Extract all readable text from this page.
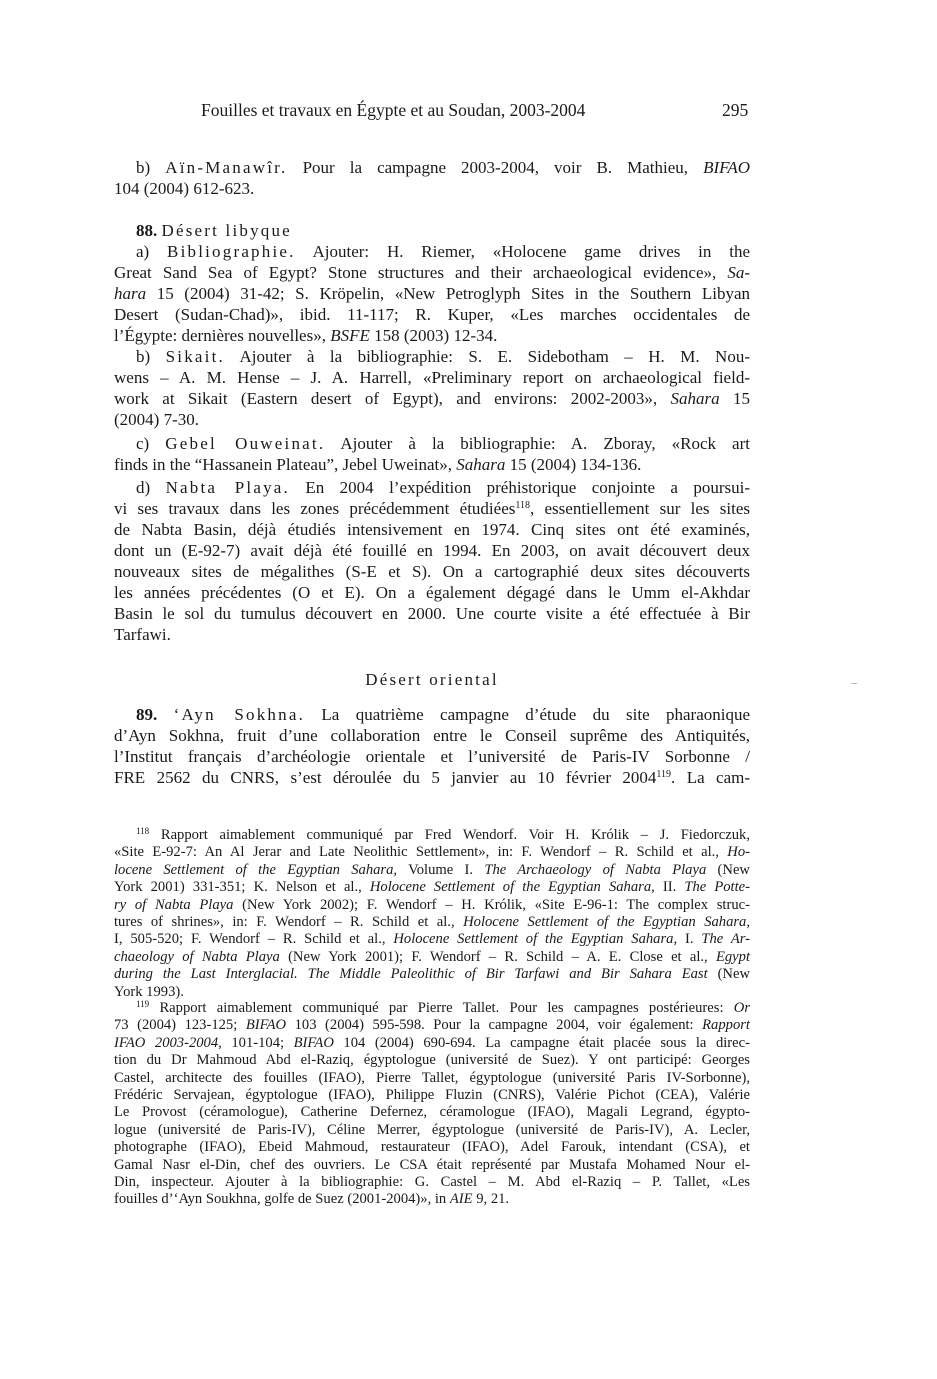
Fouilles et travaux en Égypte et au Soudan, 2003-2004	295
b) Aïn-Manawîr. Pour la campagne 2003-2004, voir B. Mathieu, BIFAO
104 (2004) 612-623.
88. Désert libyque
a) Bibliographie. Ajouter: H. Riemer, «Holocene game drives in the
Great Sand Sea of Egypt? Stone structures and their archaeological evidence», Sa-
hara 15 (2004) 31-42; S. Kröpelin, «New Petroglyph Sites in the Southern Libyan
Desert (Sudan-Chad)», ibid. 11-117; R. Kuper, «Les marches occidentales de
l’Égypte: dernières nouvelles», BSFE 158 (2003) 12-34.
b) Sikait. Ajouter à la bibliographie: S. E. Sidebotham – H. M. Nou-
wens – A. M. Hense – J. A. Harrell, «Preliminary report on archaeological field-
work at Sikait (Eastern desert of Egypt), and environs: 2002-2003», Sahara 15
(2004) 7-30.
c) Gebel Ouweinat. Ajouter à la bibliographie: A. Zboray, «Rock art
finds in the “Hassanein Plateau”, Jebel Uweinat», Sahara 15 (2004) 134-136.
d) Nabta Playa. En 2004 l’expédition préhistorique conjointe a poursui-
vi ses travaux dans les zones précédemment étudiées$^{118}$, essentiellement sur les sites
de Nabta Basin, déjà étudiés intensivement en 1974. Cinq sites ont été examinés,
dont un (E-92-7) avait déjà été fouillé en 1994. En 2003, on avait découvert deux
nouveaux sites de mégalithes (S-E et S). On a cartographié deux sites découverts
les années précédentes (O et E). On a également dégagé dans le Umm el-Akhdar
Basin le sol du tumulus découvert en 2000. Une courte visite a été effectuée à Bir
Tarfawi.
Désert oriental
89. ‘Ayn Sokhna. La quatrième campagne d’étude du site pharaonique
d’Ayn Sokhna, fruit d’une collaboration entre le Conseil suprême des Antiquités,
l’Institut français d’archéologie orientale et l’université de Paris-IV Sorbonne /
FRE 2562 du CNRS, s’est déroulée du 5 janvier au 10 février 2004$^{119}$. La cam-
$^{118}$ Rapport aimablement communiqué par Fred Wendorf. Voir H. Królik – J. Fiedorczuk,
«Site E-92-7: An Al Jerar and Late Neolithic Settlement», in: F. Wendorf – R. Schild et al., Ho-
locene Settlement of the Egyptian Sahara, Volume I. The Archaeology of Nabta Playa (New
York 2001) 331-351; K. Nelson et al., Holocene Settlement of the Egyptian Sahara, II. The Potte-
ry of Nabta Playa (New York 2002); F. Wendorf – H. Królik, «Site E-96-1: The complex struc-
tures of shrines», in: F. Wendorf – R. Schild et al., Holocene Settlement of the Egyptian Sahara,
I, 505-520; F. Wendorf – R. Schild et al., Holocene Settlement of the Egyptian Sahara, I. The Ar-
chaeology of Nabta Playa (New York 2001); F. Wendorf – R. Schild – A. E. Close et al., Egypt
during the Last Interglacial. The Middle Paleolithic of Bir Tarfawi and Bir Sahara East (New
York 1993).
$^{119}$ Rapport aimablement communiqué par Pierre Tallet. Pour les campagnes postérieures: Or
73 (2004) 123-125; BIFAO 103 (2004) 595-598. Pour la campagne 2004, voir également: Rapport
IFAO 2003-2004, 101-104; BIFAO 104 (2004) 690-694. La campagne était placée sous la direc-
tion du Dr Mahmoud Abd el-Raziq, égyptologue (université de Suez). Y ont participé: Georges
Castel, architecte des fouilles (IFAO), Pierre Tallet, égyptologue (université Paris IV-Sorbonne),
Frédéric Servajean, égyptologue (IFAO), Philippe Fluzin (CNRS), Valérie Pichot (CEA), Valérie
Le Provost (céramologue), Catherine Defernez, céramologue (IFAO), Magali Legrand, égypto-
logue (université de Paris-IV), Céline Merrer, égyptologue (université de Paris-IV), A. Lecler,
photographe (IFAO), Ebeid Mahmoud, restaurateur (IFAO), Adel Farouk, intendant (CSA), et
Gamal Nasr el-Din, chef des ouvriers. Le CSA était représenté par Mustafa Mohamed Nour el-
Din, inspecteur. Ajouter à la bibliographie: G. Castel – M. Abd el-Raziq – P. Tallet, «Les
fouilles d’‘Ayn Soukhna, golfe de Suez (2001-2004)», in AIE 9, 21.
